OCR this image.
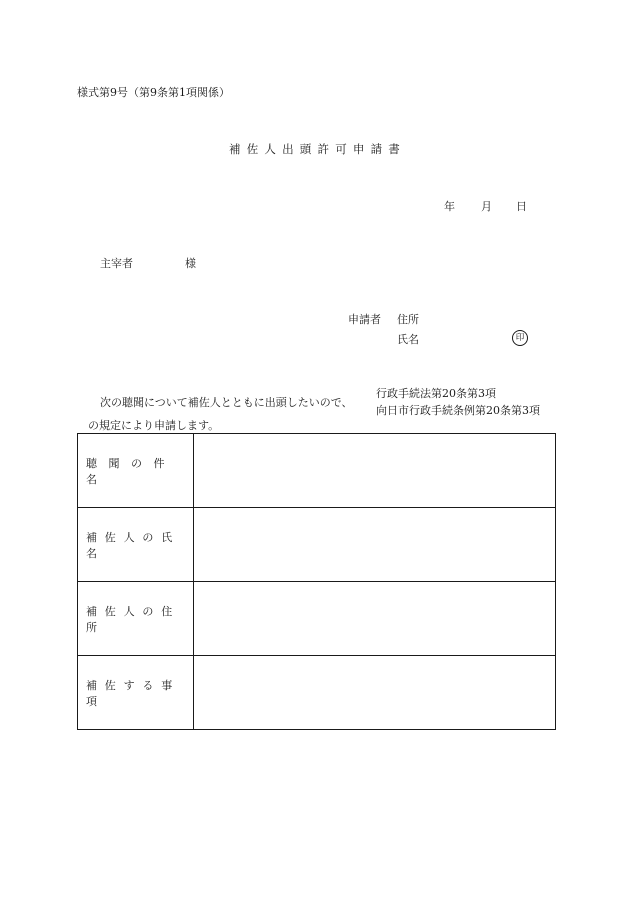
様式第9号（第9条第1項関係）
補佐人出頭許可申請書
年 月 日
主宰者	様
申請者 住所
氏名	印
次の聴聞について補佐人とともに出頭したいので、
行政手続法第20条第3項
向日市行政手続条例第20条第3項
の規定により申請します。
聴聞の件名
補佐人の氏名
補佐人の住所
補佐する事項
